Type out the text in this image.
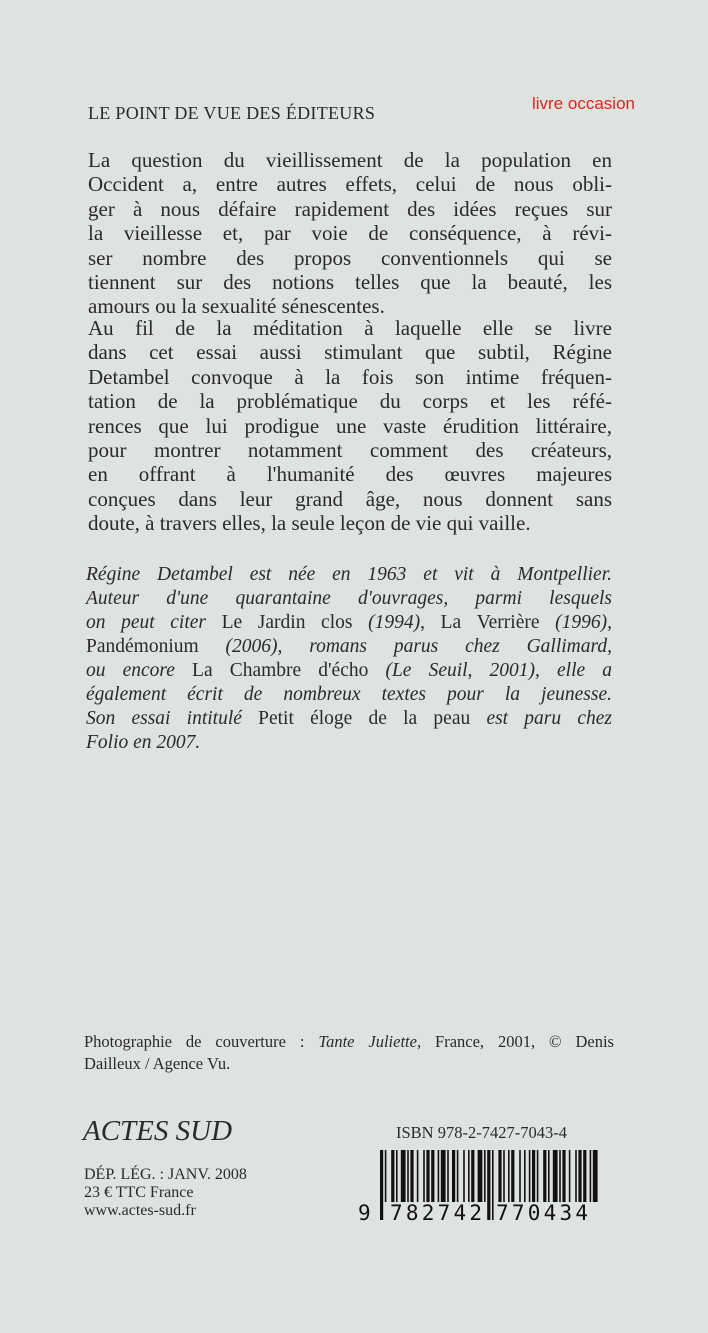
LE POINT DE VUE DES ÉDITEURS	livre occasion
La question du vieillissement de la population en
Occident a, entre autres effets, celui de nous obli-
ger à nous défaire rapidement des idées reçues sur
la vieillesse et, par voie de conséquence, à révi-
ser nombre des propos conventionnels qui se
tiennent sur des notions telles que la beauté, les
amours ou la sexualité sénescentes.
Au fil de la méditation à laquelle elle se livre
dans cet essai aussi stimulant que subtil, Régine
Detambel convoque à la fois son intime fréquen-
tation de la problématique du corps et les réfé-
rences que lui prodigue une vaste érudition littéraire,
pour montrer notamment comment des créateurs,
en offrant à l'humanité des œuvres majeures
conçues dans leur grand âge, nous donnent sans
doute, à travers elles, la seule leçon de vie qui vaille.
Régine Detambel est née en 1963 et vit à Montpellier.
Auteur d'une quarantaine d'ouvrages, parmi lesquels
on peut citer Le Jardin clos (1994), La Verrière (1996),
Pandémonium (2006), romans parus chez Gallimard,
ou encore La Chambre d'écho (Le Seuil, 2001), elle a
également écrit de nombreux textes pour la jeunesse.
Son essai intitulé Petit éloge de la peau est paru chez
Folio en 2007.
Photographie de couverture : Tante Juliette, France, 2001, © Denis
Dailleux / Agence Vu.
ACTES SUD
DÉP. LÉG. : JANV. 2008
23 € TTC France
www.actes-sud.fr
ISBN 978-2-7427-7043-4
9 782742 770434
